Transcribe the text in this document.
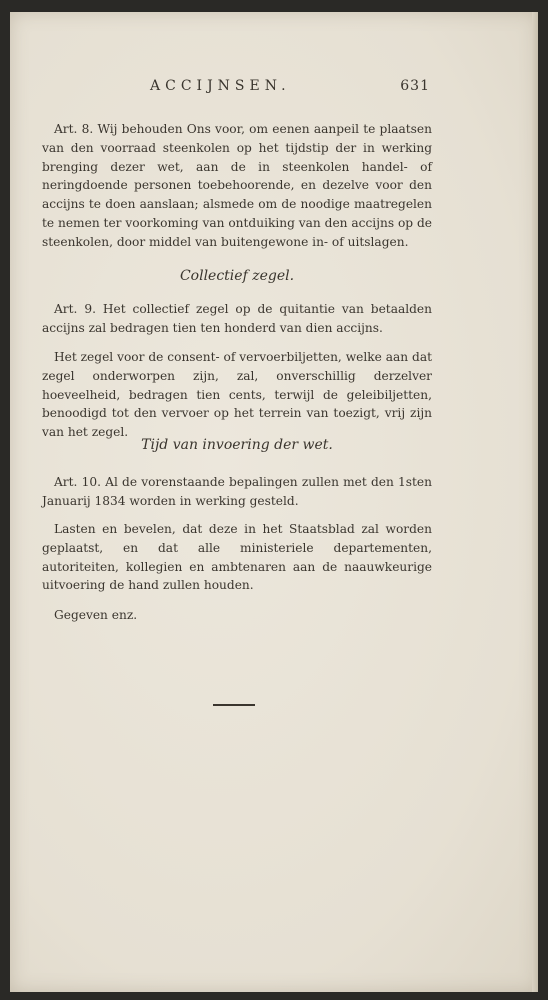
ACCIJNSEN.	631
Art. 8. Wij behouden Ons voor, om eenen aanpeil te plaatsen van den voorraad steenkolen op het tijdstip der in werking brenging dezer wet, aan de in steenkolen handel- of neringdoende personen toebehoorende, en dezelve voor den accijns te doen aanslaan; alsmede om de noodige maatregelen te nemen ter voorkoming van ontduiking van den accijns op de steenkolen, door middel van buitengewone in- of uitslagen.
Collectief zegel.
Art. 9. Het collectief zegel op de quitantie van betaalden accijns zal bedragen tien ten honderd van dien accijns.
Het zegel voor de consent- of vervoerbiljetten, welke aan dat zegel onderworpen zijn, zal, onverschillig derzelver hoeveelheid, bedragen tien cents, terwijl de geleibiljetten, benoodigd tot den vervoer op het terrein van toezigt, vrij zijn van het zegel.
Tijd van invoering der wet.
Art. 10. Al de vorenstaande bepalingen zullen met den 1sten Januarij 1834 worden in werking gesteld.
Lasten en bevelen, dat deze in het Staatsblad zal worden geplaatst, en dat alle ministeriele departementen, autoriteiten, kollegien en ambtenaren aan de naauwkeurige uitvoering de hand zullen houden.
Gegeven enz.
